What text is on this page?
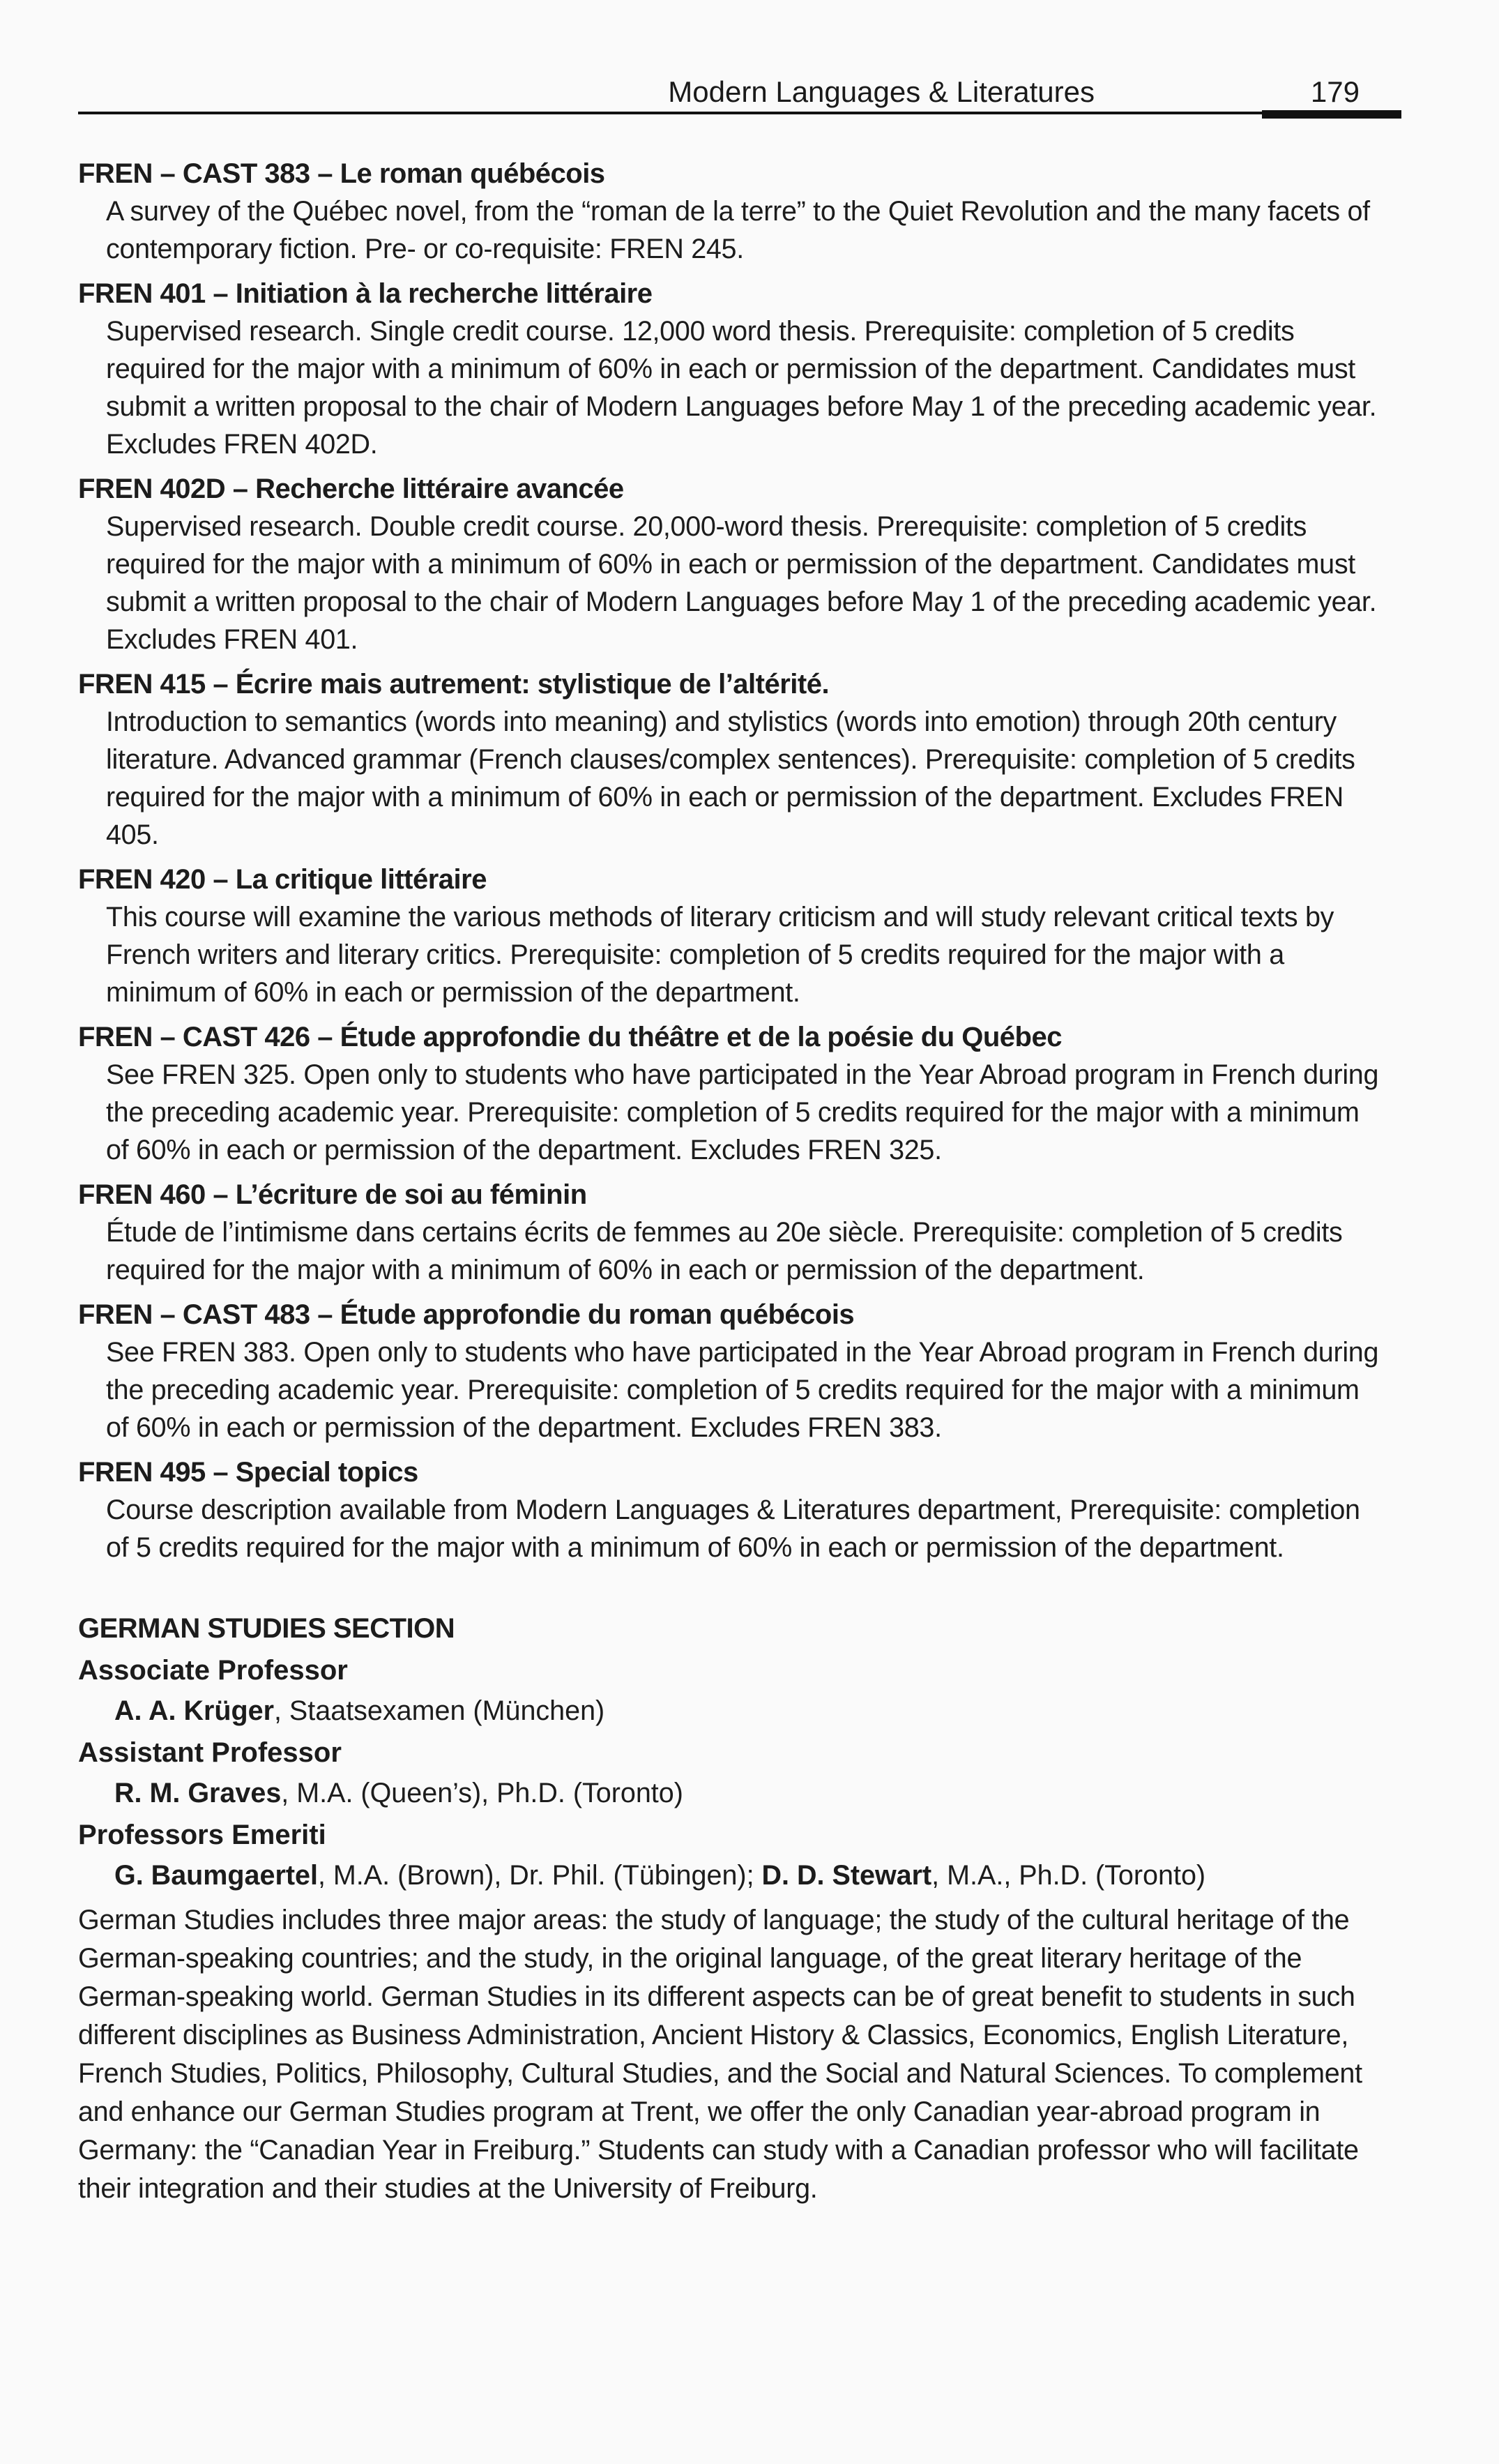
Modern Languages & Literatures	179
FREN – CAST 383 – Le roman québécois
A survey of the Québec novel, from the “roman de la terre” to the Quiet Revolution and the many facets of contemporary fiction. Pre- or co-requisite: FREN 245.
FREN 401 – Initiation à la recherche littéraire
Supervised research. Single credit course. 12,000 word thesis. Prerequisite: completion of 5 credits required for the major with a minimum of 60% in each or permission of the department. Candidates must submit a written proposal to the chair of Modern Languages before May 1 of the preceding academic year. Excludes FREN 402D.
FREN 402D – Recherche littéraire avancée
Supervised research. Double credit course. 20,000-word thesis. Prerequisite: completion of 5 credits required for the major with a minimum of 60% in each or permission of the department. Candidates must submit a written proposal to the chair of Modern Languages before May 1 of the preceding academic year. Excludes FREN 401.
FREN 415 – Écrire mais autrement: stylistique de l’altérité.
Introduction to semantics (words into meaning) and stylistics (words into emotion) through 20th century literature. Advanced grammar (French clauses/complex sentences). Prerequisite: completion of 5 credits required for the major with a minimum of 60% in each or permission of the department. Excludes FREN 405.
FREN 420 – La critique littéraire
This course will examine the various methods of literary criticism and will study relevant critical texts by French writers and literary critics. Prerequisite: completion of 5 credits required for the major with a minimum of 60% in each or permission of the department.
FREN – CAST 426 – Étude approfondie du théâtre et de la poésie du Québec
See FREN 325. Open only to students who have participated in the Year Abroad program in French during the preceding academic year. Prerequisite: completion of 5 credits required for the major with a minimum of 60% in each or permission of the department. Excludes FREN 325.
FREN 460 – L’écriture de soi au féminin
Étude de l’intimisme dans certains écrits de femmes au 20e siècle. Prerequisite: completion of 5 credits required for the major with a minimum of 60% in each or permission of the department.
FREN – CAST 483 – Étude approfondie du roman québécois
See FREN 383. Open only to students who have participated in the Year Abroad program in French during the preceding academic year. Prerequisite: completion of 5 credits required for the major with a minimum of 60% in each or permission of the department. Excludes FREN 383.
FREN 495 – Special topics
Course description available from Modern Languages & Literatures department, Prerequisite: completion of 5 credits required for the major with a minimum of 60% in each or permission of the department.
GERMAN STUDIES SECTION
Associate Professor
A. A. Krüger, Staatsexamen (München)
Assistant Professor
R. M. Graves, M.A. (Queen’s), Ph.D. (Toronto)
Professors Emeriti
G. Baumgaertel, M.A. (Brown), Dr. Phil. (Tübingen); D. D. Stewart, M.A., Ph.D. (Toronto)
German Studies includes three major areas: the study of language; the study of the cultural heritage of the German-speaking countries; and the study, in the original language, of the great literary heritage of the German-speaking world. German Studies in its different aspects can be of great benefit to students in such different disciplines as Business Administration, Ancient History & Classics, Economics, English Literature, French Studies, Politics, Philosophy, Cultural Studies, and the Social and Natural Sciences. To complement and enhance our German Studies program at Trent, we offer the only Canadian year-abroad program in Germany: the “Canadian Year in Freiburg.” Students can study with a Canadian professor who will facilitate their integration and their studies at the University of Freiburg.
